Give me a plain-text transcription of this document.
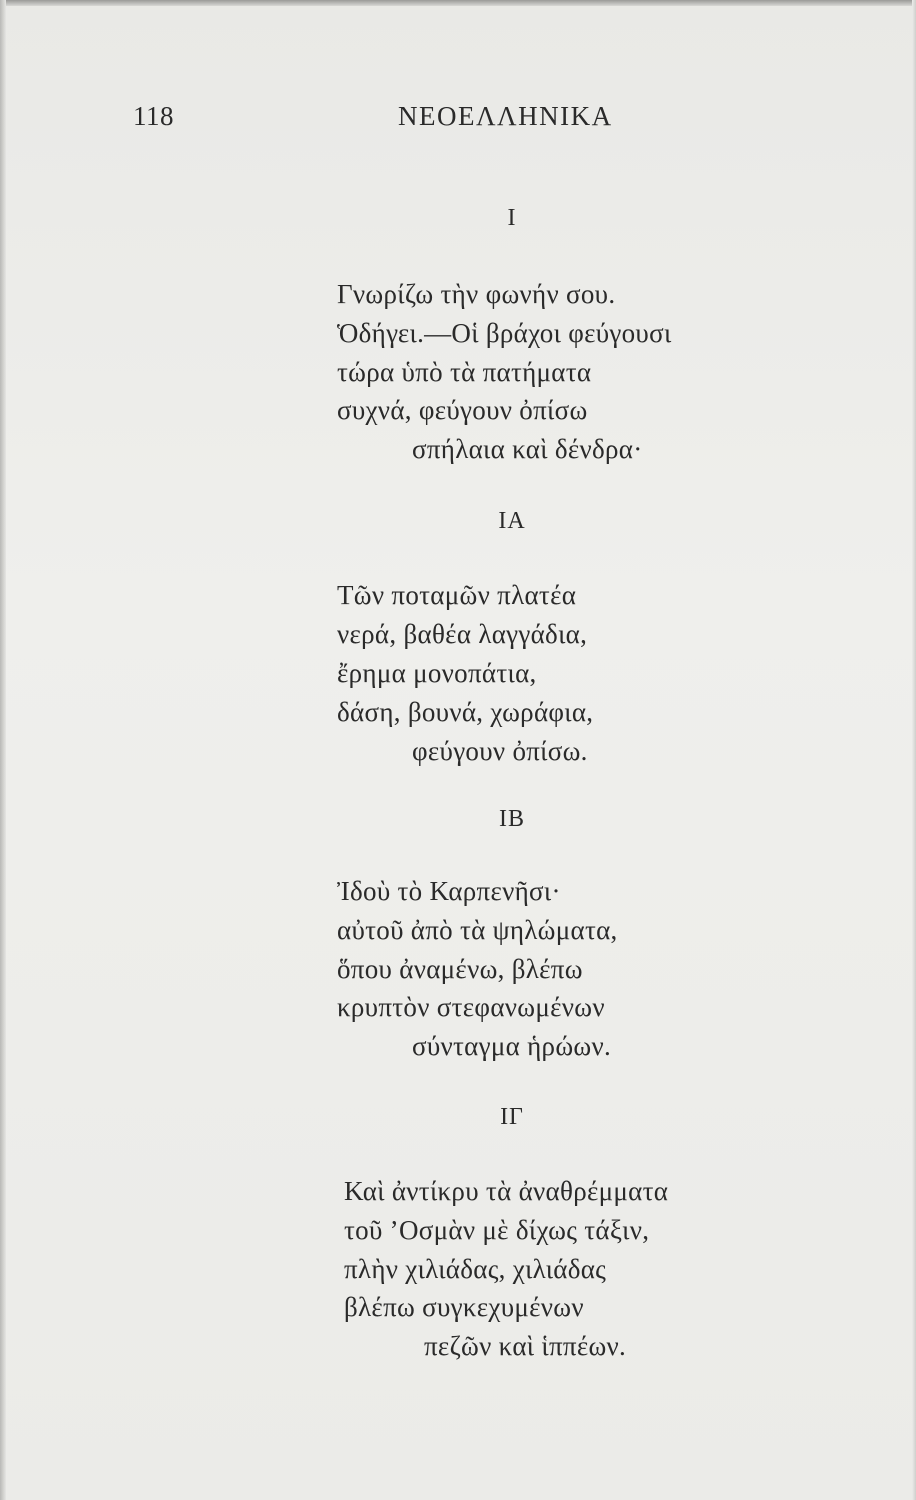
118	ΝΕΟΕΛΛΗΝΙΚΑ
Ι
Γνωρίζω τὴν φωνήν σου.
Ὁδήγει.—Οἱ βράχοι φεύγουσι
τώρα ὑπὸ τὰ πατήματα
συχνά, φεύγουν ὀπίσω
σπήλαια καὶ δένδρα·
ΙΑ
Τῶν ποταμῶν πλατέα
νερά, βαθέα λαγγάδια,
ἔρημα μονοπάτια,
δάση, βουνά, χωράφια,
φεύγουν ὀπίσω.
ΙΒ
Ἰδοὺ τὸ Καρπενῆσι·
αὐτοῦ ἀπὸ τὰ ψηλώματα,
ὅπου ἀναμένω, βλέπω
κρυπτὸν στεφανωμένων
σύνταγμα ἡρώων.
ΙΓ
Καὶ ἀντίκρυ τὰ ἀναθρέμματα
τοῦ ’Οσμὰν μὲ δίχως τάξιν,
πλὴν χιλιάδας, χιλιάδας
βλέπω συγκεχυμένων
πεζῶν καὶ ἱππέων.
